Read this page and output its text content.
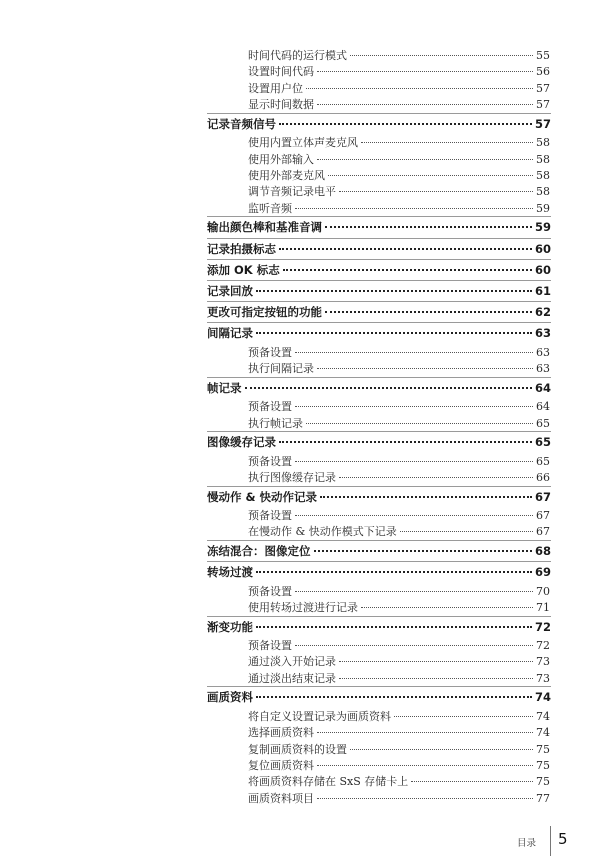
时间代码的运行模式	55
设置时间代码	56
设置用户位	57
显示时间数据	57
记录音频信号	57
使用内置立体声麦克风	58
使用外部输入	58
使用外部麦克风	58
调节音频记录电平	58
监听音频	59
输出颜色棒和基准音调	59
记录拍摄标志	60
添加 OK 标志	60
记录回放	61
更改可指定按钮的功能	62
间隔记录	63
预备设置	63
执行间隔记录	63
帧记录	64
预备设置	64
执行帧记录	65
图像缓存记录	65
预备设置	65
执行图像缓存记录	66
慢动作 & 快动作记录	67
预备设置	67
在慢动作 & 快动作模式下记录	67
冻结混合：图像定位	68
转场过渡	69
预备设置	70
使用转场过渡进行记录	71
渐变功能	72
预备设置	72
通过淡入开始记录	73
通过淡出结束记录	73
画质资料	74
将自定义设置记录为画质资料	74
选择画质资料	74
复制画质资料的设置	75
复位画质资料	75
将画质资料存储在 SxS 存储卡上	75
画质资料项目	77
目录 5
